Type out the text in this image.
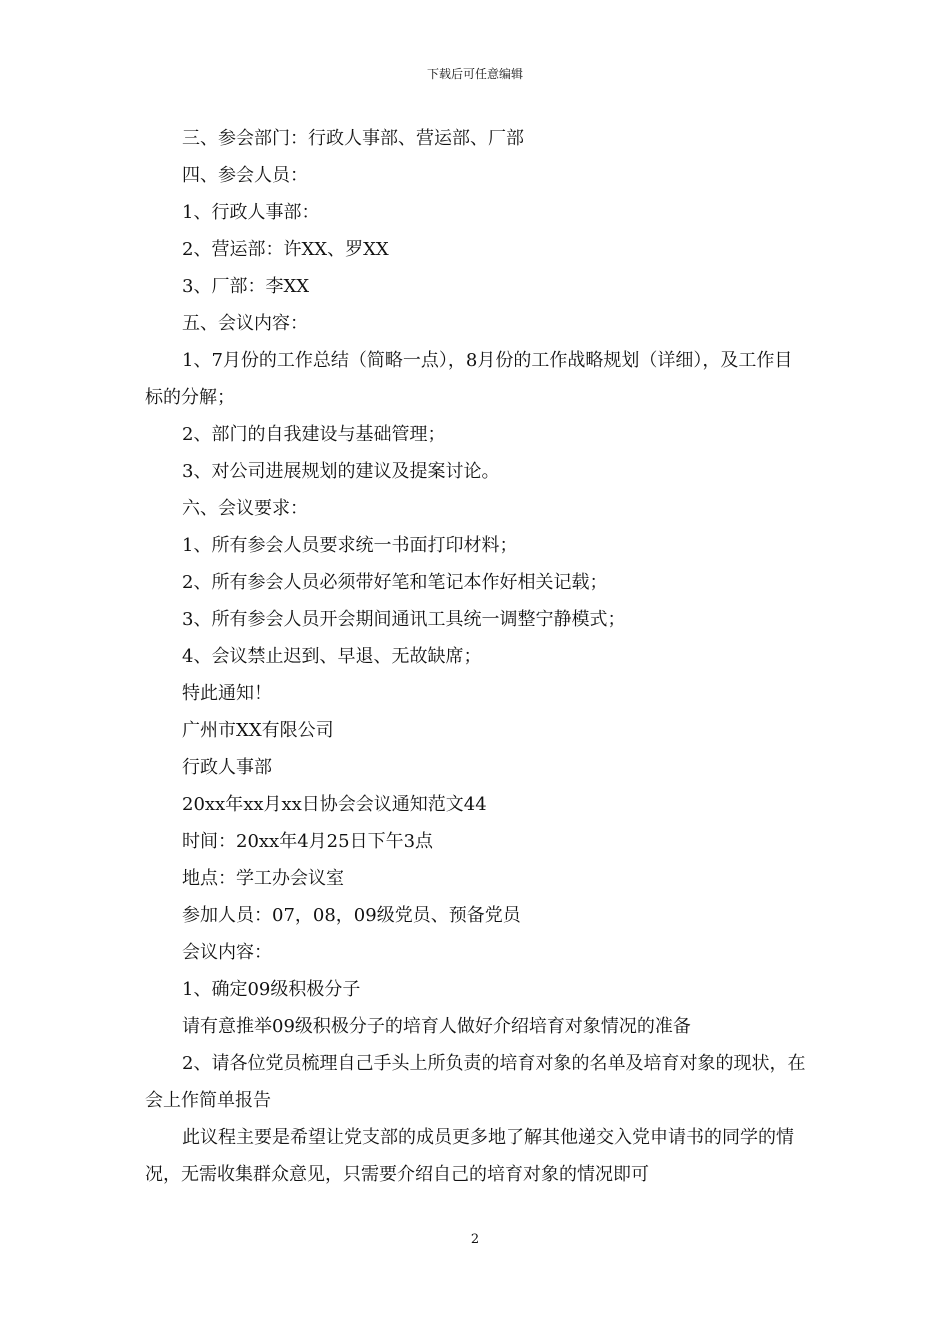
下载后可任意编辑

三、参会部门：行政人事部、营运部、厂部

四、参会人员：

1、行政人事部：

2、营运部：许XX、罗XX

3、厂部：李XX

五、会议内容：

1、7月份的工作总结（简略一点），8月份的工作战略规划（详细），及工作目标的分解；

2、部门的自我建设与基础管理；

3、对公司进展规划的建议及提案讨论。

六、会议要求：

1、所有参会人员要求统一书面打印材料；

2、所有参会人员必须带好笔和笔记本作好相关记载；

3、所有参会人员开会期间通讯工具统一调整宁静模式；

4、会议禁止迟到、早退、无故缺席；

特此通知！

广州市XX有限公司

行政人事部

20xx年xx月xx日协会会议通知范文44

时间：20xx年4月25日下午3点

地点：学工办会议室

参加人员：07，08，09级党员、预备党员

会议内容：

1、确定09级积极分子

请有意推举09级积极分子的培育人做好介绍培育对象情况的准备

2、请各位党员梳理自己手头上所负责的培育对象的名单及培育对象的现状，在会上作简单报告

此议程主要是希望让党支部的成员更多地了解其他递交入党申请书的同学的情况，无需收集群众意见，只需要介绍自己的培育对象的情况即可

2
